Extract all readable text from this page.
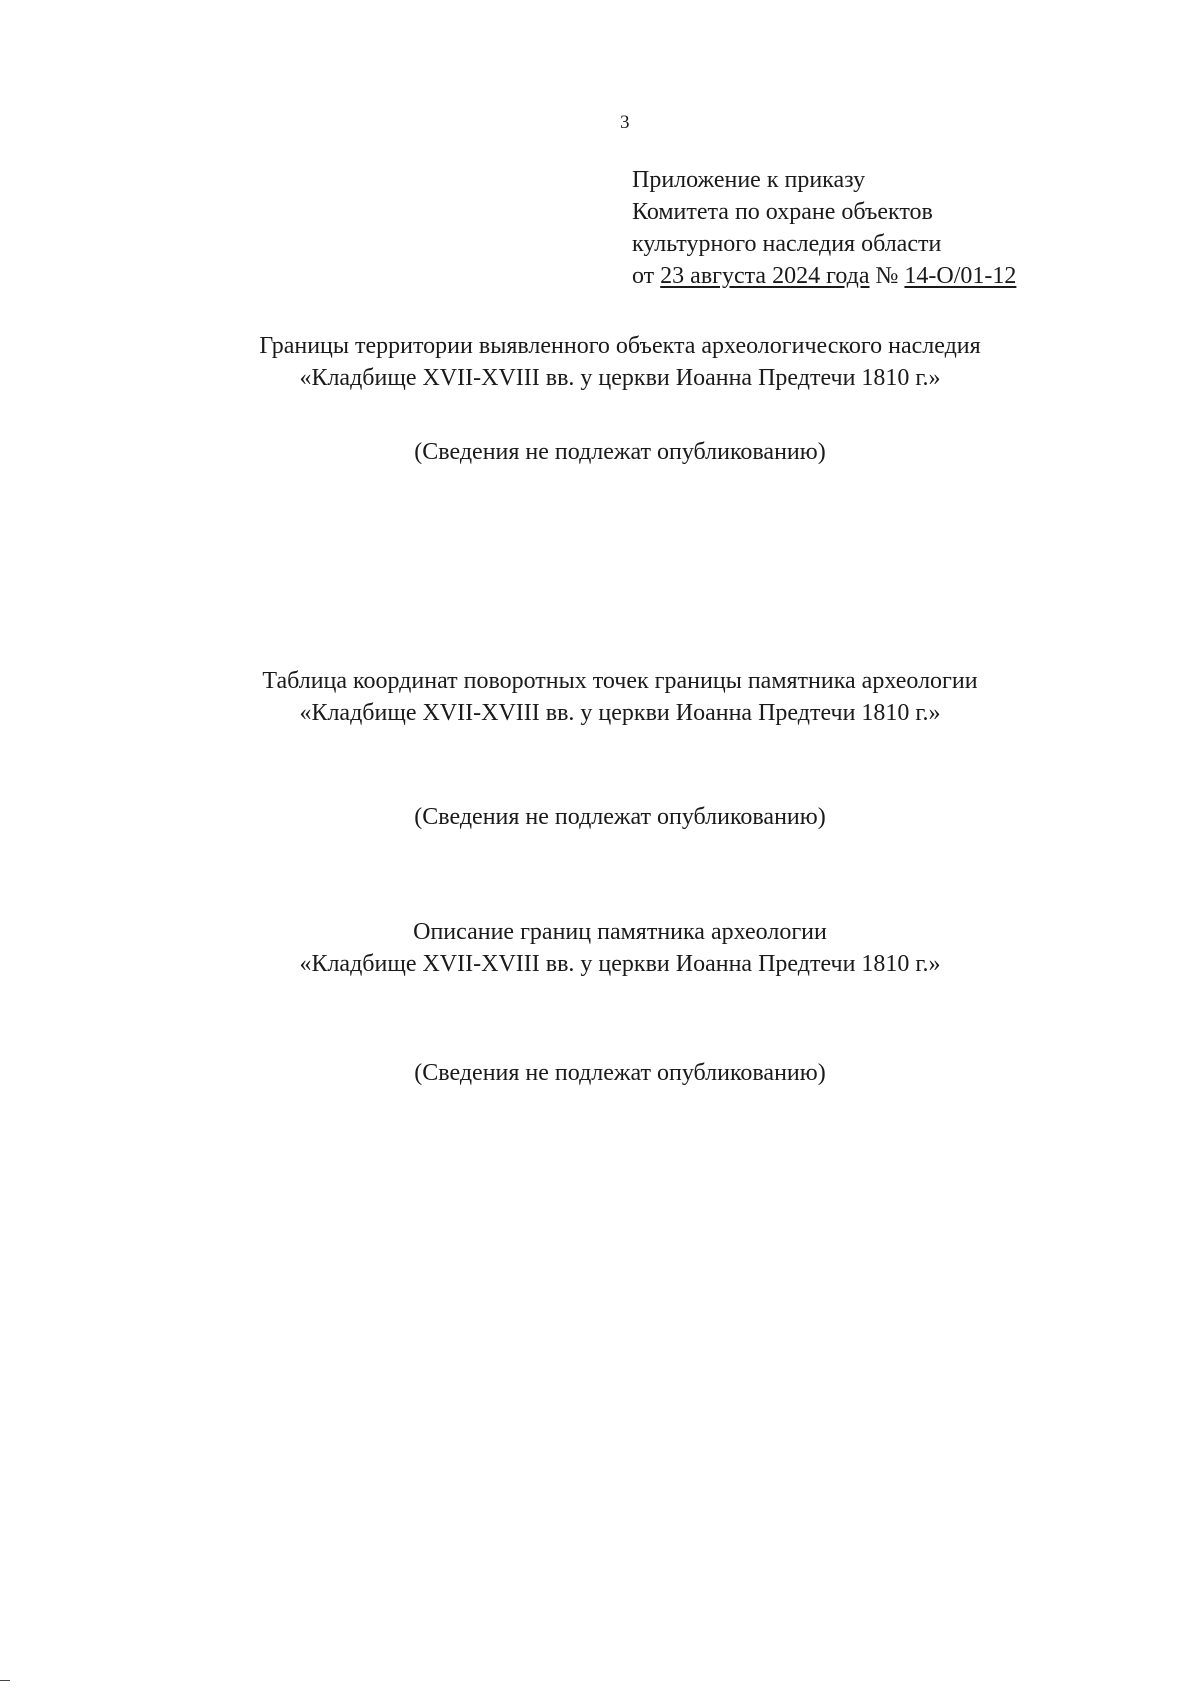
3
Приложение к приказу
Комитета по охране объектов
культурного наследия области
от 23 августа 2024 года № 14-О/01-12
Границы территории выявленного объекта археологического наследия
«Кладбище XVII-XVIII вв. у церкви Иоанна Предтечи 1810 г.»
(Сведения не подлежат опубликованию)
Таблица координат поворотных точек границы памятника археологии
«Кладбище XVII-XVIII вв. у церкви Иоанна Предтечи 1810 г.»
(Сведения не подлежат опубликованию)
Описание границ памятника археологии
«Кладбище XVII-XVIII вв. у церкви Иоанна Предтечи 1810 г.»
(Сведения не подлежат опубликованию)
